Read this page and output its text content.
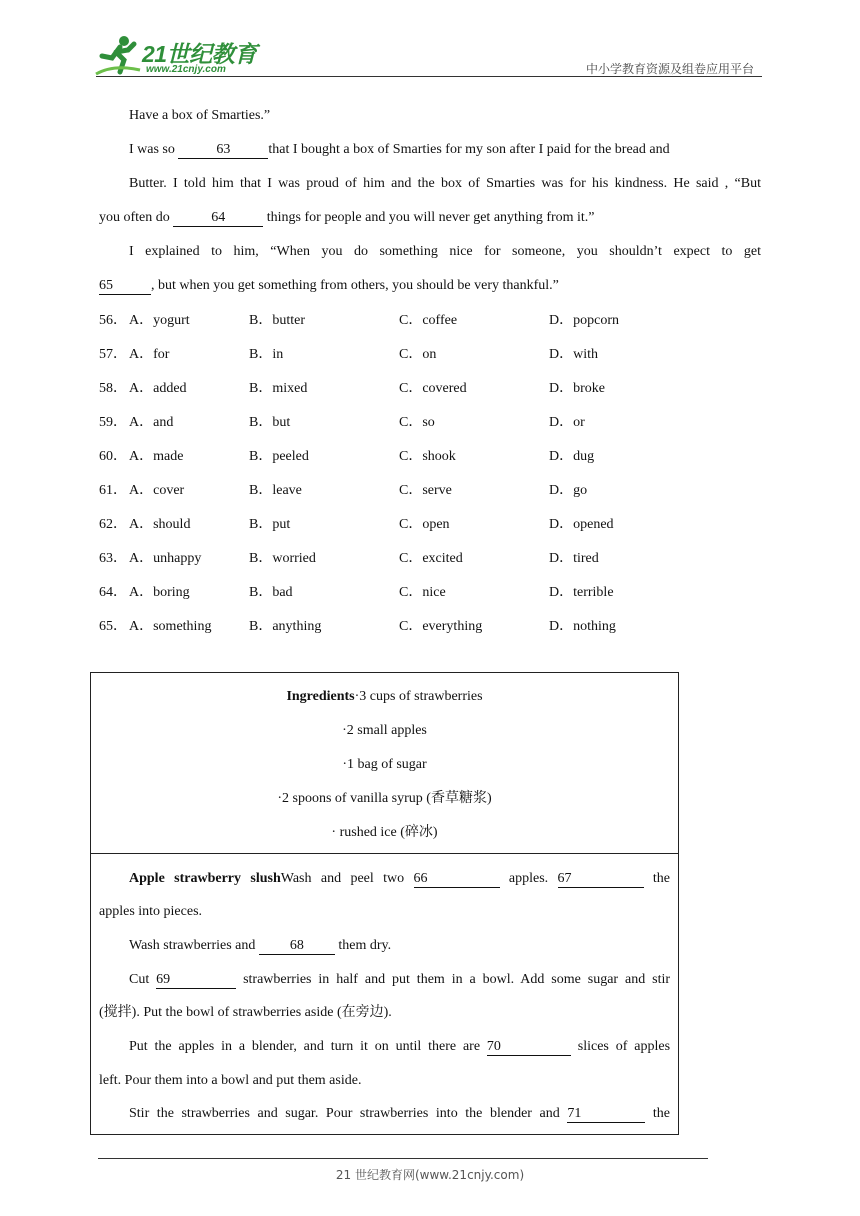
21世纪教育
www.21cnjy.com	中小学教育资源及组卷应用平台
Have a box of Smarties.”
I was so	63	that I bought a box of Smarties for my son after I paid for the bread and
Butter. I told him that I was proud of him and the box of Smarties was for his kindness. He said , “But
you often do	64	things for people and you will never get anything from it.”
I explained to him, “When you do something nice for someone, you shouldn’t expect to get
65	, but when you get something from others, you should be very thankful.”
56． A．yogurt	B．butter	C．coffee	D．popcorn
57． A．for	B．in	C．on	D．with
58． A．added	B．mixed	C．covered	D．broke
59． A．and	B．but	C．so	D．or
60． A．made	B．peeled	C．shook	D．dug
61． A．cover	B．leave	C．serve	D．go
62． A．should	B．put	C．open	D．opened
63． A．unhappy	B．worried	C．excited	D．tired
64． A．boring	B．bad	C．nice	D．terrible
65． A．something	B．anything	C．everything	D．nothing
Ingredients·3 cups of strawberries
·2 small apples
·1 bag of sugar
·2 spoons of vanilla syrup (香草糖浆)
· rushed ice (碎冰)
Apple strawberry slushWash and peel two 66	apples. 67	the
apples into pieces.
Wash strawberries and 68 them dry.
Cut 69	strawberries in half and put them in a bowl. Add some sugar and stir
(搅拌). Put the bowl of strawberries aside (在旁边).
Put the apples in a blender, and turn it on until there are 70	slices of apples
left. Pour them into a bowl and put them aside.
Stir the strawberries and sugar. Pour strawberries into the blender and 71	the
21 世纪教育网(www.21cnjy.com)
